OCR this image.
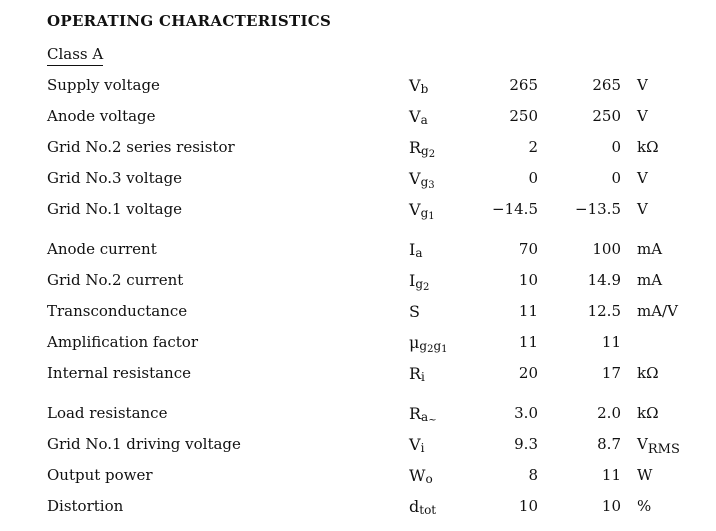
OPERATING CHARACTERISTICS
Class A
Supply voltage	$V_b$	265	265 V
Anode voltage	$V_a$	250	250 V
Grid No.2 series resistor	$R_{g_2}$	2	0 kΩ
Grid No.3 voltage	$V_{g_3}$	0	0 V
Grid No.1 voltage	$V_{g_1}$	−14.5 −13.5 V
Anode current	$I_a$	70	100 mA
Grid No.2 current	$I_{g_2}$	10	14.9 mA
Transconductance	S	11	12.5 mA/V
Amplification factor	$\mu_{g_2g_1}$	11	11
Internal resistance	$R_i$	20	17 kΩ
Load resistance	$R_{a_\sim}$	3.0	2.0 kΩ
Grid No.1 driving voltage	$V_i$	9.3	8.7 $V_{RMS}$
Output power	$W_o$	8	11 W
Distortion	$d_{tot}$	10	10 %
